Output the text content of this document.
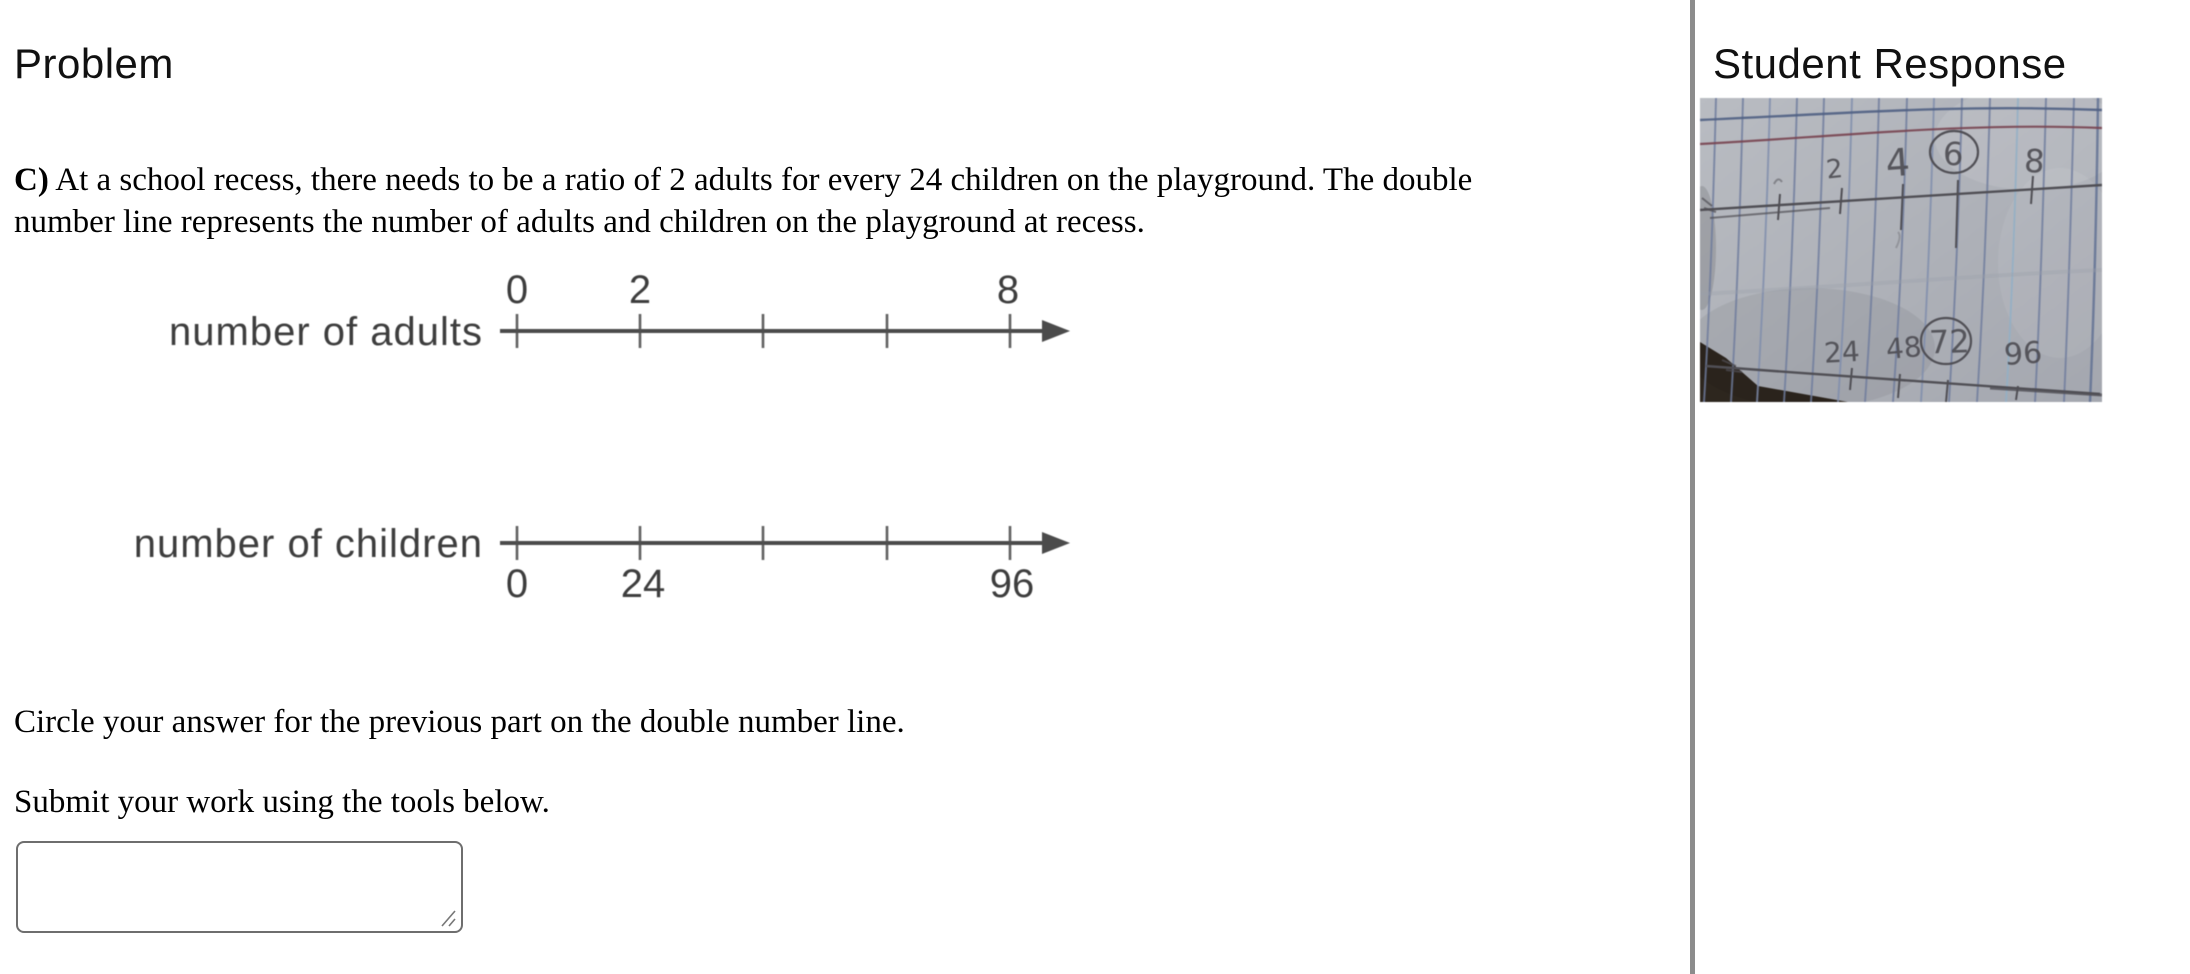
Problem

C) At a school recess, there needs to be a ratio of 2 adults for every 24 children on the playground. The double number line represents the number of adults and children on the playground at recess.

number of adults
0	2	8
number of children
0 24	96

Circle your answer for the previous part on the double number line.

Submit your work using the tools below.

Student Response
2 4 6 8
24 48 72 96
